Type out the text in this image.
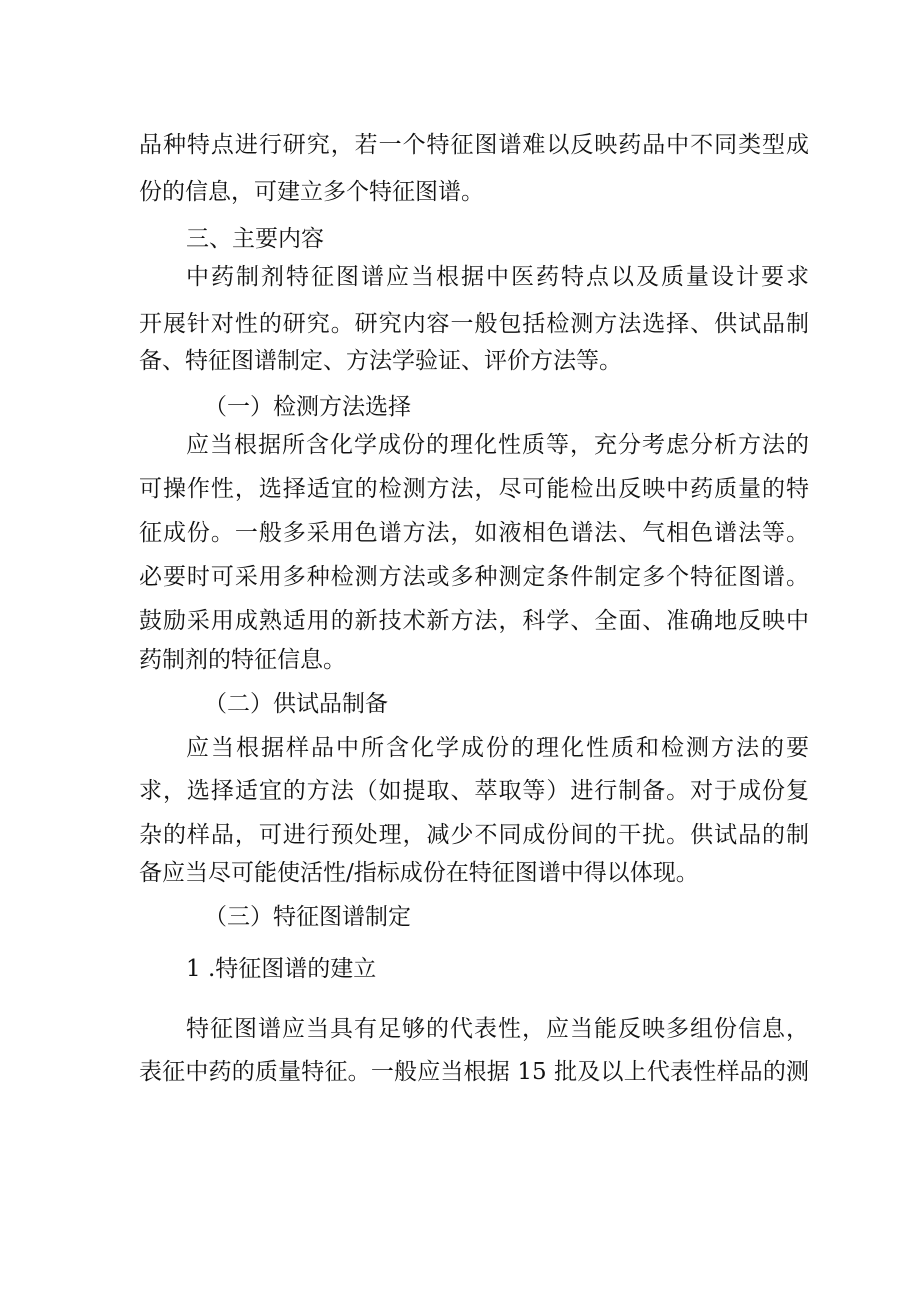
品种特点进行研究，若一个特征图谱难以反映药品中不同类型成
份的信息，可建立多个特征图谱。
三、主要内容
中药制剂特征图谱应当根据中医药特点以及质量设计要求
开展针对性的研究。研究内容一般包括检测方法选择、供试品制
备、特征图谱制定、方法学验证、评价方法等。
（一）检测方法选择
应当根据所含化学成份的理化性质等，充分考虑分析方法的
可操作性，选择适宜的检测方法，尽可能检出反映中药质量的特
征成份。一般多采用色谱方法，如液相色谱法、气相色谱法等。
必要时可采用多种检测方法或多种测定条件制定多个特征图谱。
鼓励采用成熟适用的新技术新方法，科学、全面、准确地反映中
药制剂的特征信息。
（二）供试品制备
应当根据样品中所含化学成份的理化性质和检测方法的要
求，选择适宜的方法（如提取、萃取等）进行制备。对于成份复
杂的样品，可进行预处理，减少不同成份间的干扰。供试品的制
备应当尽可能使活性/指标成份在特征图谱中得以体现。
（三）特征图谱制定
1 .特征图谱的建立
特征图谱应当具有足够的代表性，应当能反映多组份信息，
表征中药的质量特征。一般应当根据 15 批及以上代表性样品的测
